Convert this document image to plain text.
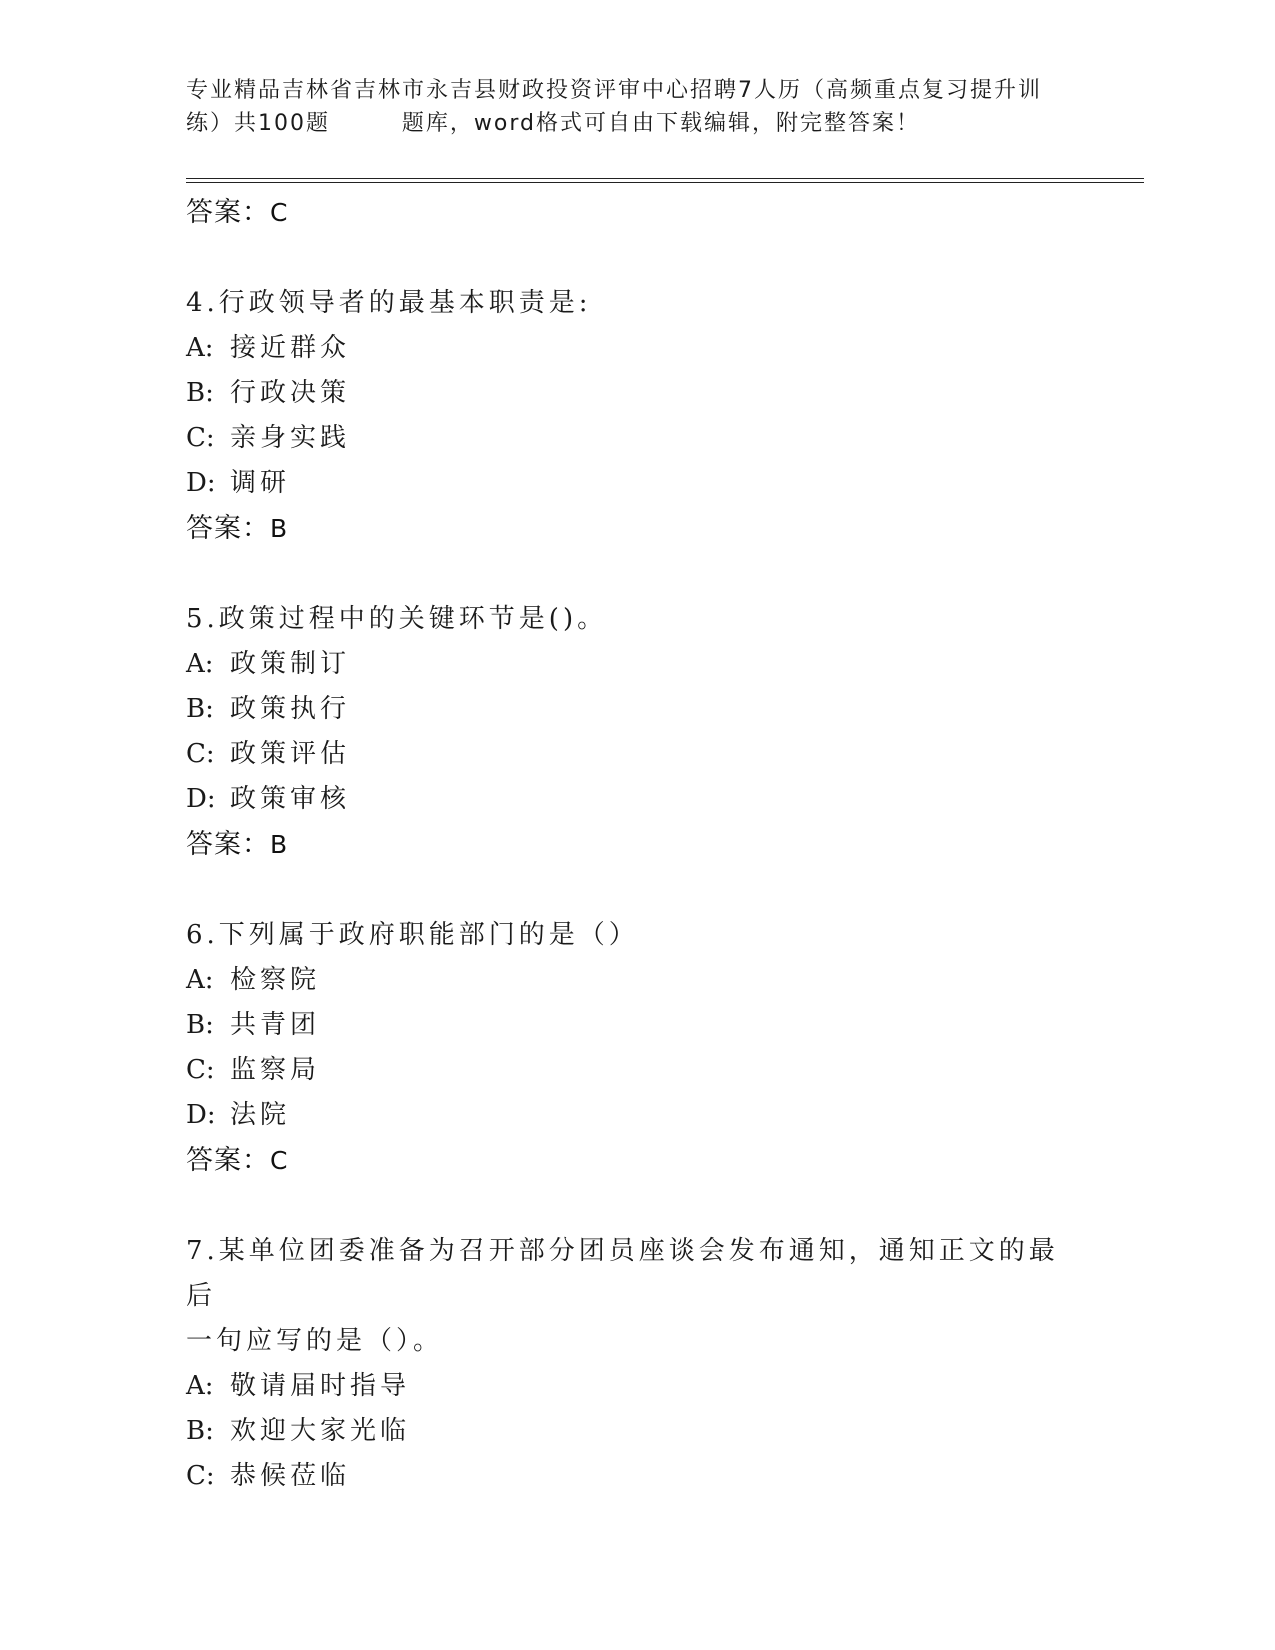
专业精品吉林省吉林市永吉县财政投资评审中心招聘7人历（高频重点复习提升训
练）共100题        题库，word格式可自由下载编辑，附完整答案！
答案：C
4.行政领导者的最基本职责是:
A: 接近群众
B: 行政决策
C: 亲身实践
D: 调研
答案：B
5.政策过程中的关键环节是()。
A: 政策制订
B: 政策执行
C: 政策评估
D: 政策审核
答案：B
6.下列属于政府职能部门的是（）
A: 检察院
B: 共青团
C: 监察局
D: 法院
答案：C
7.某单位团委准备为召开部分团员座谈会发布通知，通知正文的最后
一句应写的是（）。
A: 敬请届时指导
B: 欢迎大家光临
C: 恭候莅临
